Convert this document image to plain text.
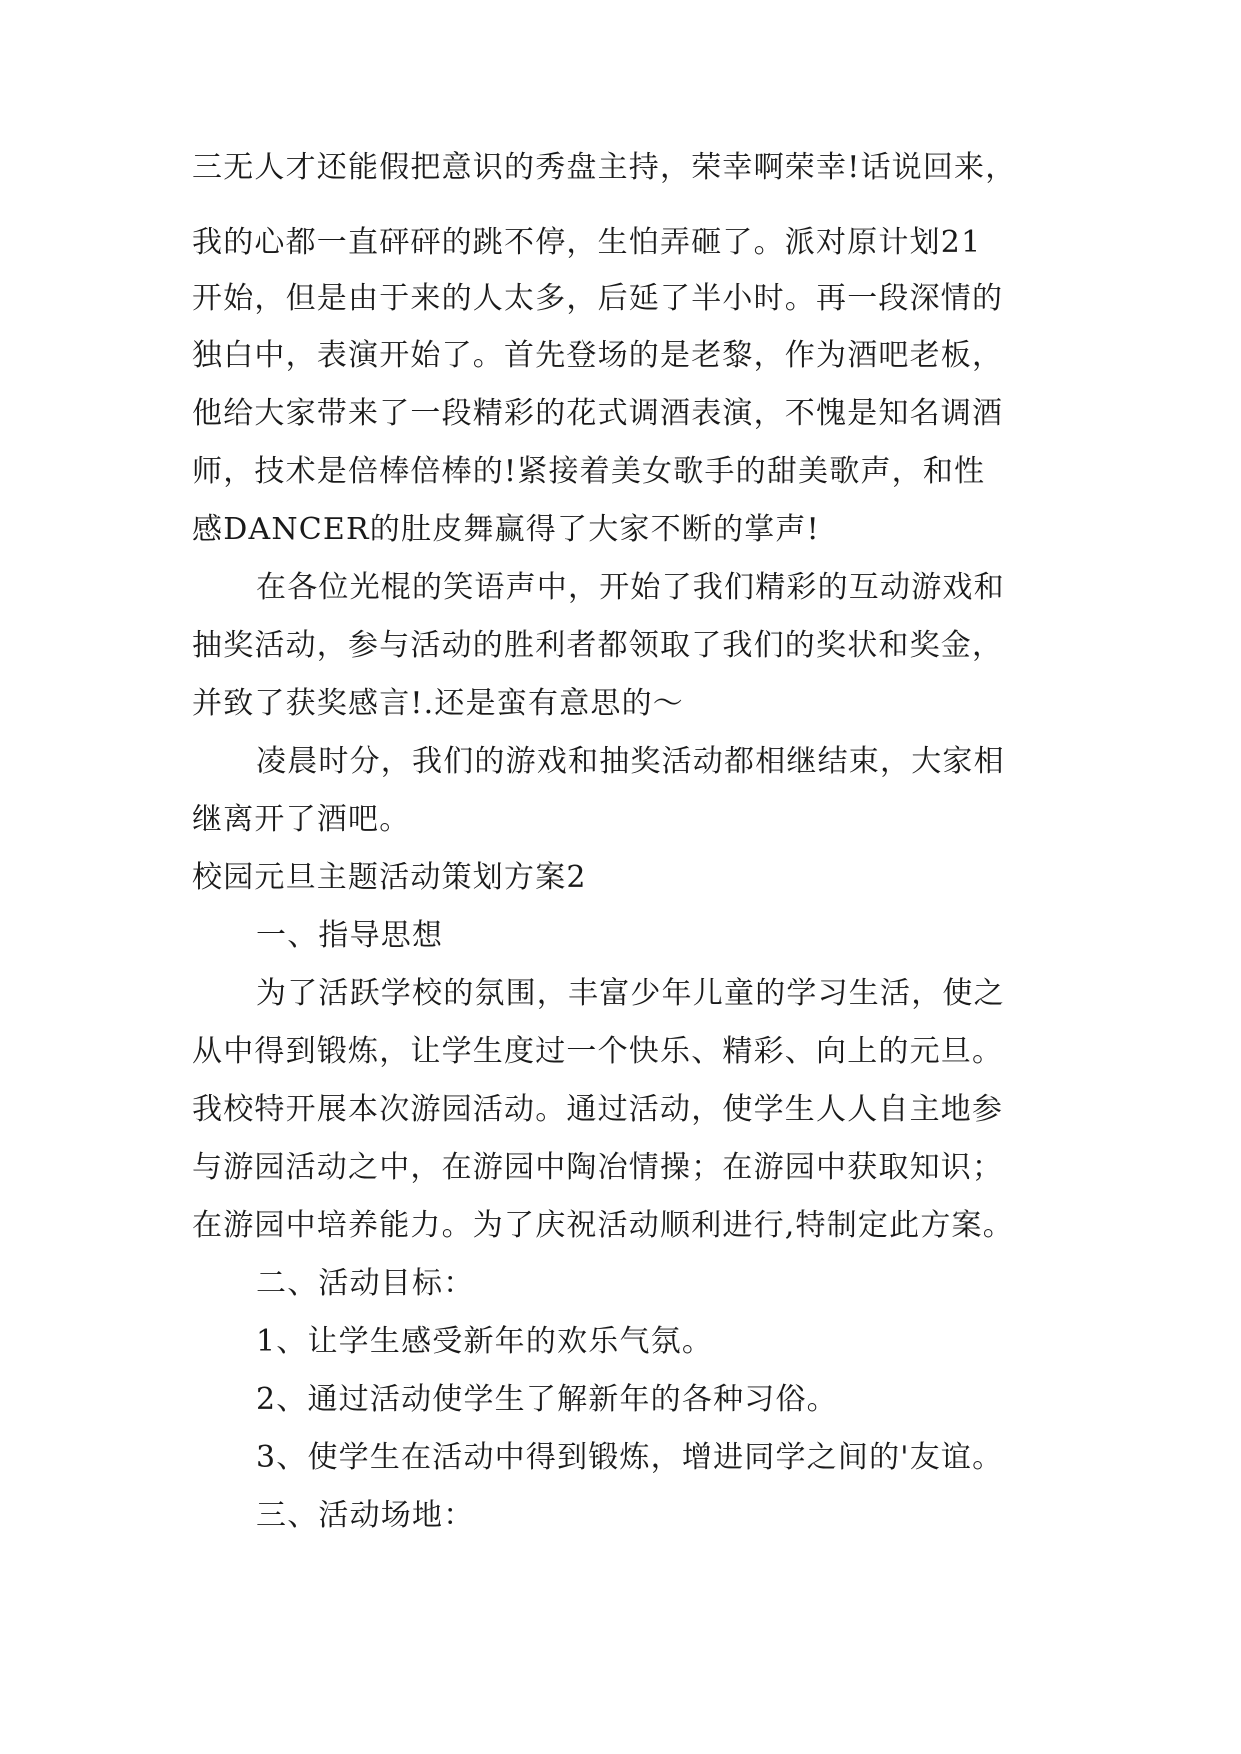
三无人才还能假把意识的秀盘主持，荣幸啊荣幸!话说回来，
我的心都一直砰砰的跳不停，生怕弄砸了。派对原计划21
开始，但是由于来的人太多，后延了半小时。再一段深情的
独白中，表演开始了。首先登场的是老黎，作为酒吧老板，
他给大家带来了一段精彩的花式调酒表演，不愧是知名调酒
师，技术是倍棒倍棒的!紧接着美女歌手的甜美歌声，和性
感DANCER的肚皮舞赢得了大家不断的掌声!
在各位光棍的笑语声中，开始了我们精彩的互动游戏和
抽奖活动，参与活动的胜利者都领取了我们的奖状和奖金，
并致了获奖感言!.还是蛮有意思的～
凌晨时分，我们的游戏和抽奖活动都相继结束，大家相
继离开了酒吧。
校园元旦主题活动策划方案2
一、指导思想
为了活跃学校的氛围，丰富少年儿童的学习生活，使之
从中得到锻炼，让学生度过一个快乐、精彩、向上的元旦。
我校特开展本次游园活动。通过活动，使学生人人自主地参
与游园活动之中，在游园中陶冶情操；在游园中获取知识；
在游园中培养能力。为了庆祝活动顺利进行,特制定此方案。
二、活动目标：
1、让学生感受新年的欢乐气氛。
2、通过活动使学生了解新年的各种习俗。
3、使学生在活动中得到锻炼，增进同学之间的'友谊。
三、活动场地：
